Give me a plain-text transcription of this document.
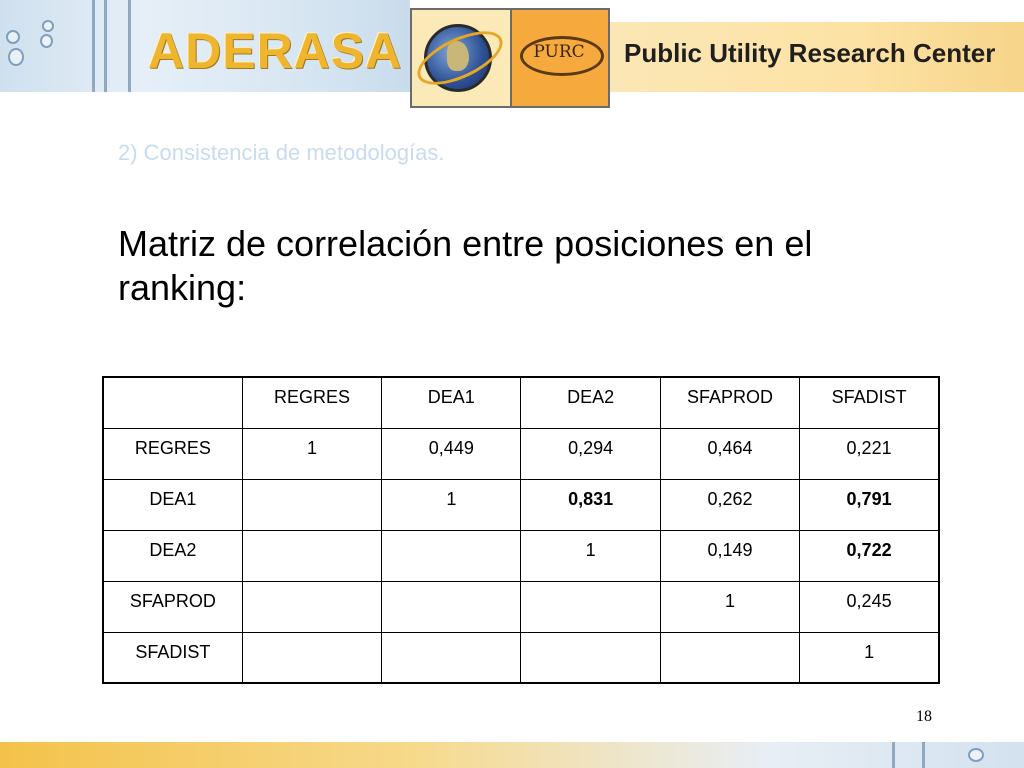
ADERASA	PURC	Public Utility Research Center
2) Consistencia de metodologías.
Matriz de correlación entre posiciones en el ranking:
	REGRES	DEA1	DEA2	SFAPROD	SFADIST
REGRES	1	0,449	0,294	0,464	0,221
DEA1		1	0,831	0,262	0,791
DEA2			1	0,149	0,722
SFAPROD				1	0,245
SFADIST					1
18
